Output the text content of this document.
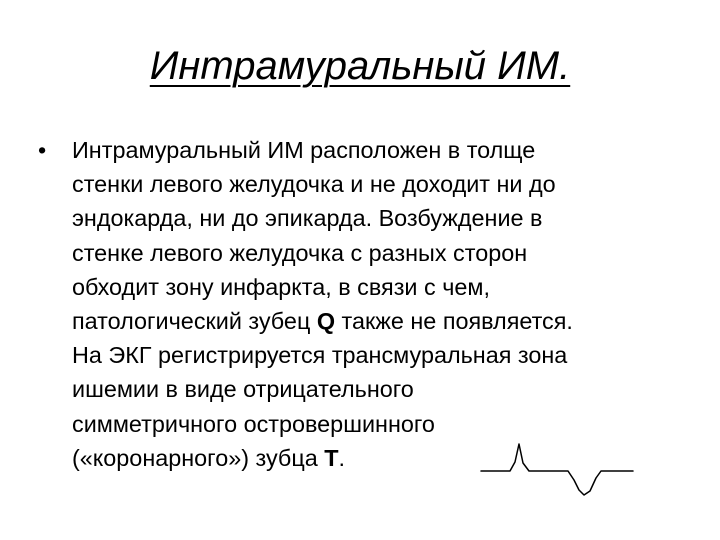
Интрамуральный ИМ.
•	Интрамуральный ИМ расположен в толще
стенки левого желудочка и не доходит ни до
эндокарда, ни до эпикарда. Возбуждение в
стенке левого желудочка с разных сторон
обходит зону инфаркта, в связи с чем,
патологический зубец Q также не появляется.
На ЭКГ регистрируется трансмуральная зона
ишемии в виде отрицательного
симметричного островершинного
(«коронарного») зубца Т.
